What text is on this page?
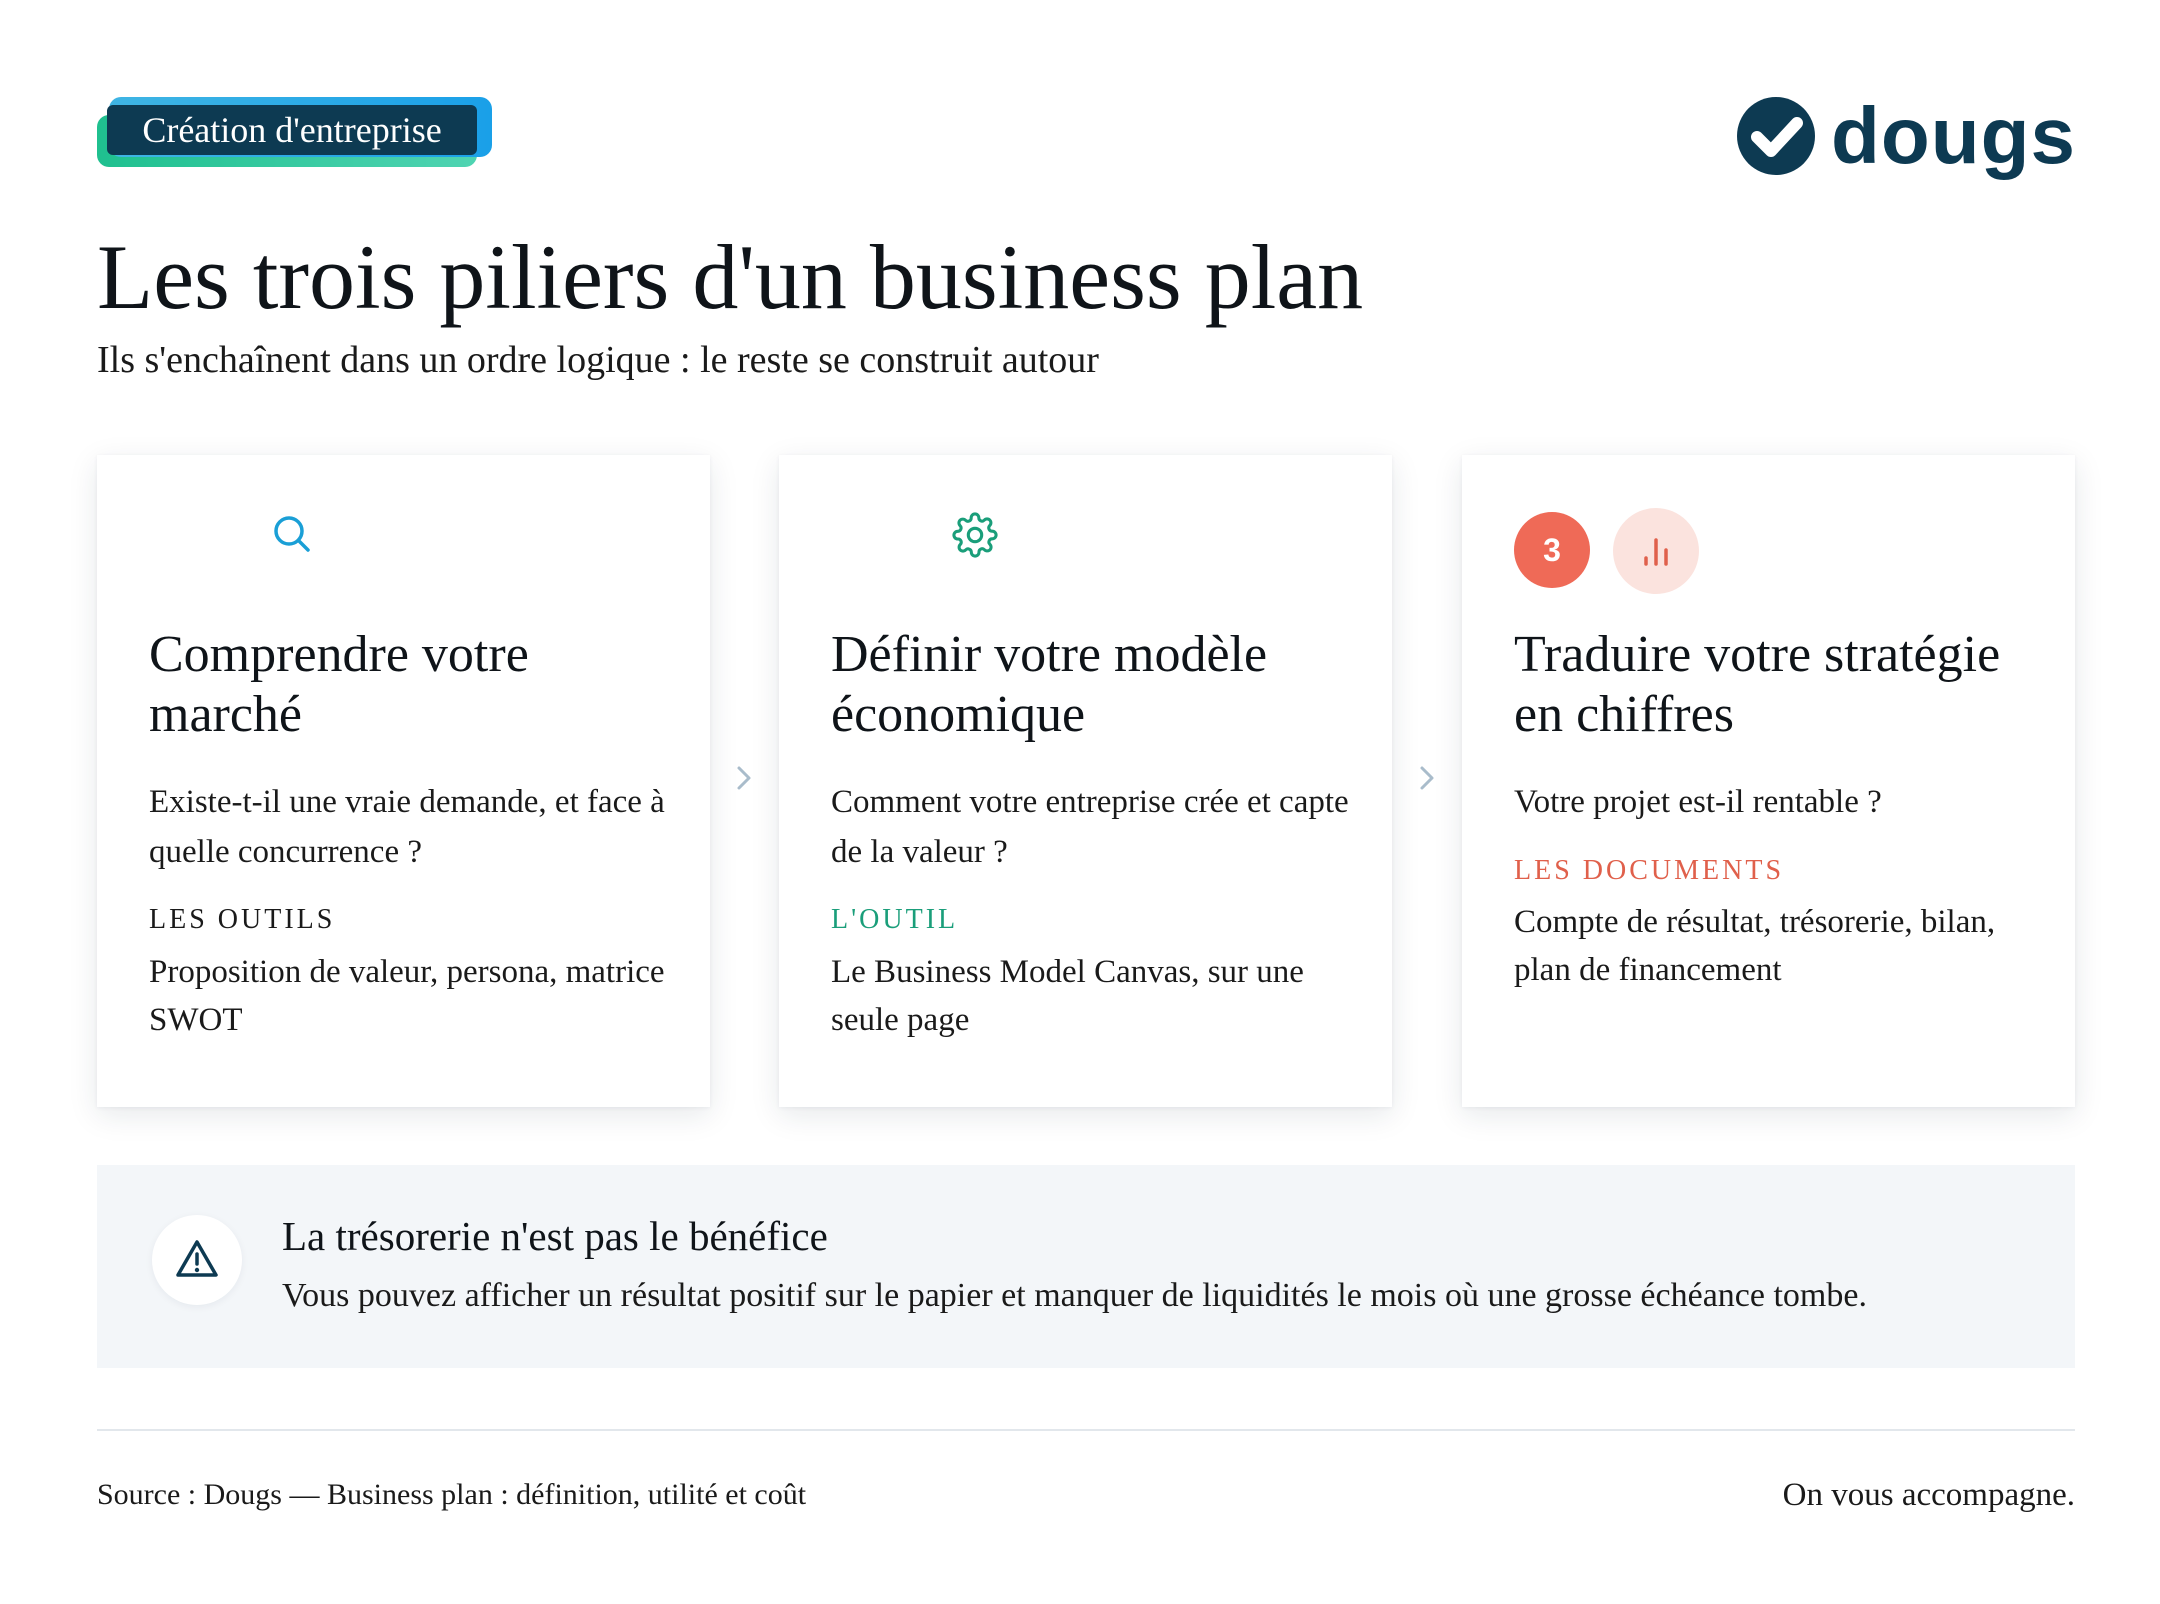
Création d'entreprise	dougs
Les trois piliers d'un business plan

Ils s'enchaînent dans un ordre logique : le reste se construit autour

Comprendre votre marché

Existe-t-il une vraie demande, et face à quelle concurrence ?

LES OUTILS

Proposition de valeur, persona, matrice SWOT

Définir votre modèle économique

Comment votre entreprise crée et capte de la valeur ?

L'OUTIL

Le Business Model Canvas, sur une seule page

3
Traduire votre stratégie en chiffres

Votre projet est-il rentable ?

LES DOCUMENTS

Compte de résultat, trésorerie, bilan, plan de financement

La trésorerie n'est pas le bénéfice
Vous pouvez afficher un résultat positif sur le papier et manquer de liquidités le mois où une grosse échéance tombe.
Source : Dougs — Business plan : définition, utilité et coût	On vous accompagne.
